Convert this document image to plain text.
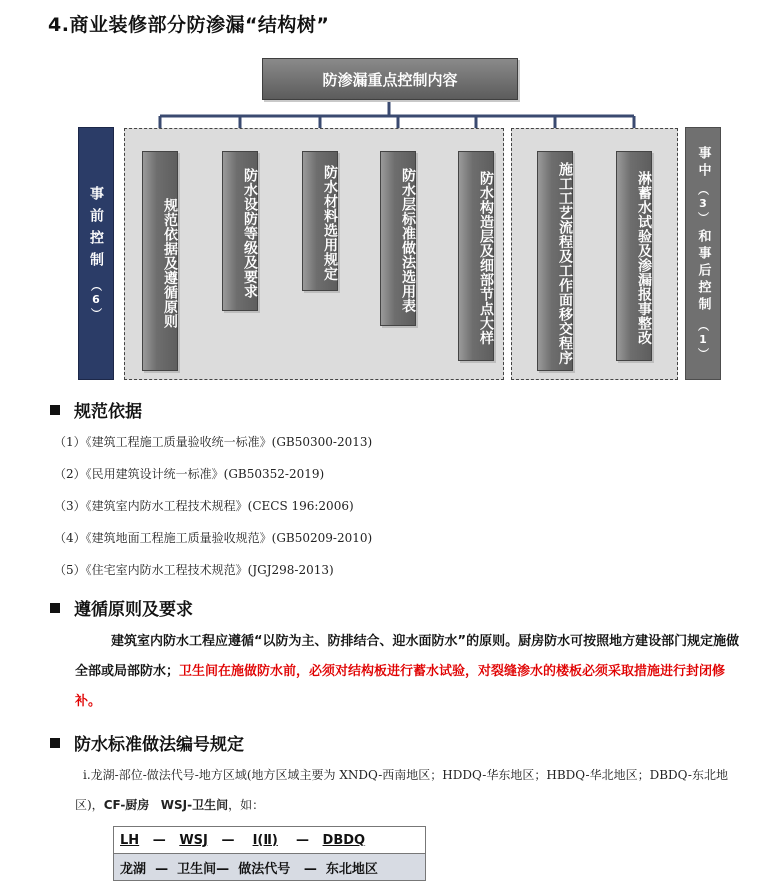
4.商业装修部分防渗漏“结构树”
防渗漏重点控制内容
事前控制
（6）	规范依据及遵循原则	防水设防等级及要求	防水材料选用规定	防水层标准做法选用表	防水构造层及细部节点大样	施工工艺流程及工作面移交程序	淋蓄水试验及渗漏报事整改
事中
（3）
和事后控制
（1）
规范依据
（1）《建筑工程施工质量验收统一标准》(GB50300-2013)
（2）《民用建筑设计统一标准》(GB50352-2019)
（3）《建筑室内防水工程技术规程》(CECS 196:2006)
（4）《建筑地面工程施工质量验收规范》(GB50209-2010)
（5）《住宅室内防水工程技术规范》(JGJ298-2013)
遵循原则及要求
建筑室内防水工程应遵循“以防为主、防排结合、迎水面防水”的原则。厨房防水可按照地方建设部门规定施做全部或局部防水；卫生间在施做防水前，必须对结构板进行蓄水试验，对裂缝渗水的楼板必须采取措施进行封闭修补。
防水标准做法编号规定
ⅰ.龙湖-部位-做法代号-地方区域(地方区域主要为 XNDQ-西南地区；HDDQ-华东地区；HBDQ-华北地区；DBDQ-东北地区)，CF-厨房 WSJ-卫生间，如：
LH — WSJ — Ⅰ(Ⅱ) — DBDQ
龙湖 — 卫生间— 做法代号 — 东北地区
